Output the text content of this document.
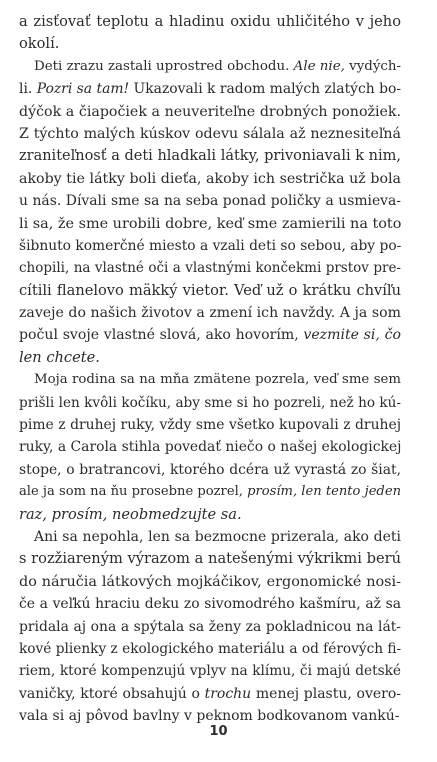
a zisťovať teplotu a hladinu oxidu uhličitého v jeho
okolí.
Deti zrazu zastali uprostred obchodu. Ale nie, vydých-
li. Pozri sa tam! Ukazovali k radom malých zlatých bo-
dýčok a čiapočiek a neuveriteľne drobných ponožiek.
Z týchto malých kúskov odevu sálala až neznesiteľná
zraniteľnosť a deti hladkali látky, privoniavali k nim,
akoby tie látky boli dieťa, akoby ich sestrička už bola
u nás. Dívali sme sa na seba ponad poličky a usmieva-
li sa, že sme urobili dobre, keď sme zamierili na toto
šibnuto komerčné miesto a vzali deti so sebou, aby po-
chopili, na vlastné oči a vlastnými končekmi prstov pre-
cítili flanelovo mäkký vietor. Veď už o krátku chvíľu
zaveje do našich životov a zmení ich navždy. A ja som
počul svoje vlastné slová, ako hovorím, vezmite si, čo
len chcete.
Moja rodina sa na mňa zmätene pozrela, veď sme sem
prišli len kvôli kočíku, aby sme si ho pozreli, než ho kú-
pime z druhej ruky, vždy sme všetko kupovali z druhej
ruky, a Carola stihla povedať niečo o našej ekologickej
stope, o bratrancovi, ktorého dcéra už vyrastá zo šiat,
ale ja som na ňu prosebne pozrel, prosím, len tento jeden
raz, prosím, neobmedzujte sa.
Ani sa nepohla, len sa bezmocne prizerala, ako deti
s rozžiareným výrazom a natešenými výkrikmi berú
do náručia látkových mojkáčikov, ergonomické nosi-
če a veľkú hraciu deku zo sivomodrého kašmíru, až sa
pridala aj ona a spýtala sa ženy za pokladnicou na lát-
kové plienky z ekologického materiálu a od férových fi-
riem, ktoré kompenzujú vplyv na klímu, či majú detské
vaničky, ktoré obsahujú o trochu menej plastu, overo-
vala si aj pôvod bavlny v peknom bodkovanom vankú-
10
